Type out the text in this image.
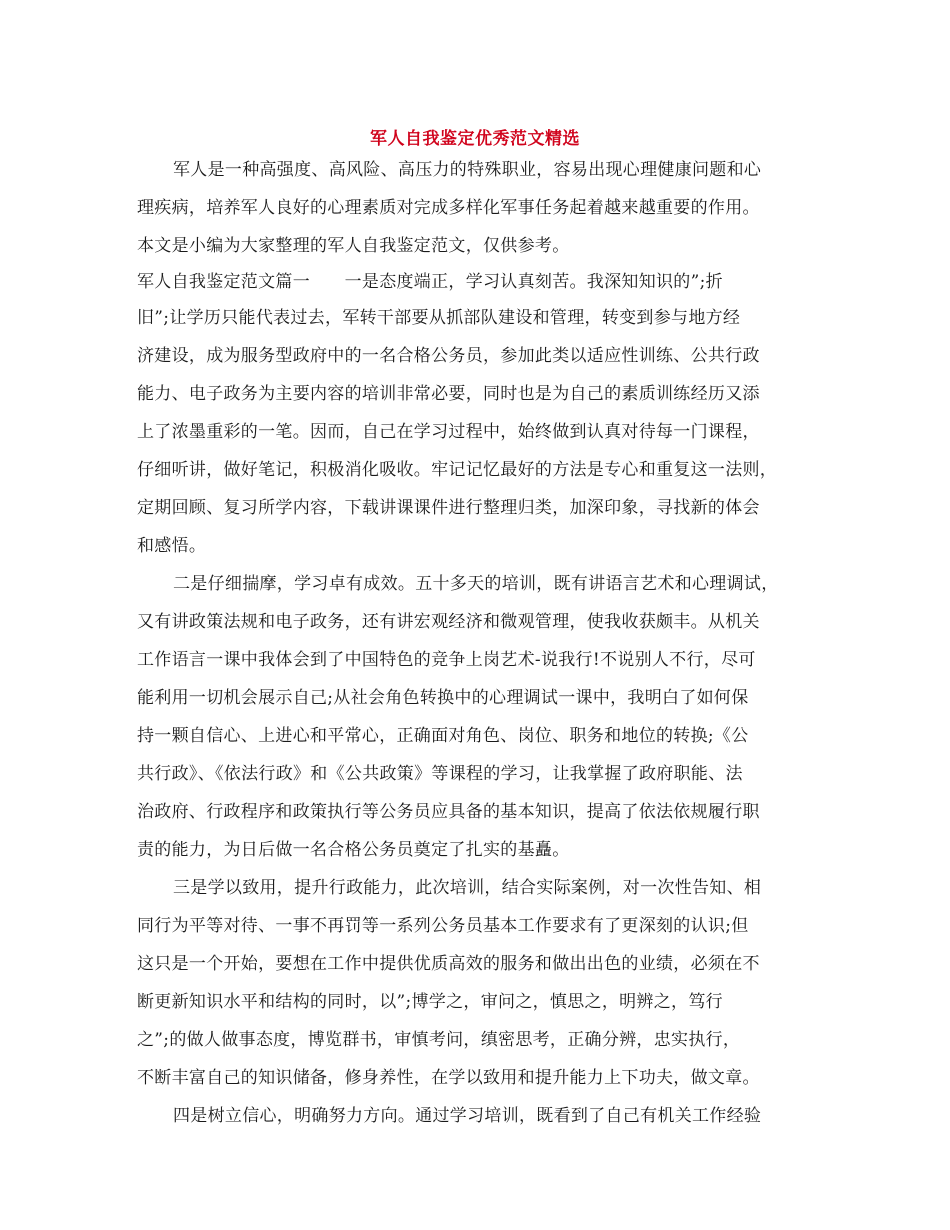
军人自我鉴定优秀范文精选
军人是一种高强度、高风险、高压力的特殊职业，容易出现心理健康问题和心
理疾病，培养军人良好的心理素质对完成多样化军事任务起着越来越重要的作用。
本文是小编为大家整理的军人自我鉴定范文，仅供参考。
军人自我鉴定范文篇一　　一是态度端正，学习认真刻苦。我深知知识的”;折
旧”;让学历只能代表过去，军转干部要从抓部队建设和管理，转变到参与地方经
济建设，成为服务型政府中的一名合格公务员，参加此类以适应性训练、公共行政
能力、电子政务为主要内容的培训非常必要，同时也是为自己的素质训练经历又添
上了浓墨重彩的一笔。因而，自己在学习过程中，始终做到认真对待每一门课程，
仔细听讲，做好笔记，积极消化吸收。牢记记忆最好的方法是专心和重复这一法则，
定期回顾、复习所学内容，下载讲课课件进行整理归类，加深印象，寻找新的体会
和感悟。
二是仔细揣摩，学习卓有成效。五十多天的培训，既有讲语言艺术和心理调试，
又有讲政策法规和电子政务，还有讲宏观经济和微观管理，使我收获颇丰。从机关
工作语言一课中我体会到了中国特色的竞争上岗艺术-说我行!不说别人不行，尽可
能利用一切机会展示自己;从社会角色转换中的心理调试一课中，我明白了如何保
持一颗自信心、上进心和平常心，正确面对角色、岗位、职务和地位的转换;《公
共行政》、《依法行政》和《公共政策》等课程的学习，让我掌握了政府职能、法
治政府、行政程序和政策执行等公务员应具备的基本知识，提高了依法依规履行职
责的能力，为日后做一名合格公务员奠定了扎实的基矗。
三是学以致用，提升行政能力，此次培训，结合实际案例，对一次性告知、相
同行为平等对待、一事不再罚等一系列公务员基本工作要求有了更深刻的认识;但
这只是一个开始，要想在工作中提供优质高效的服务和做出出色的业绩，必须在不
断更新知识水平和结构的同时，以”;博学之，审问之，慎思之，明辨之，笃行
之”;的做人做事态度，博览群书，审慎考问，缜密思考，正确分辨，忠实执行，
不断丰富自己的知识储备，修身养性，在学以致用和提升能力上下功夫，做文章。
四是树立信心，明确努力方向。通过学习培训，既看到了自己有机关工作经验
